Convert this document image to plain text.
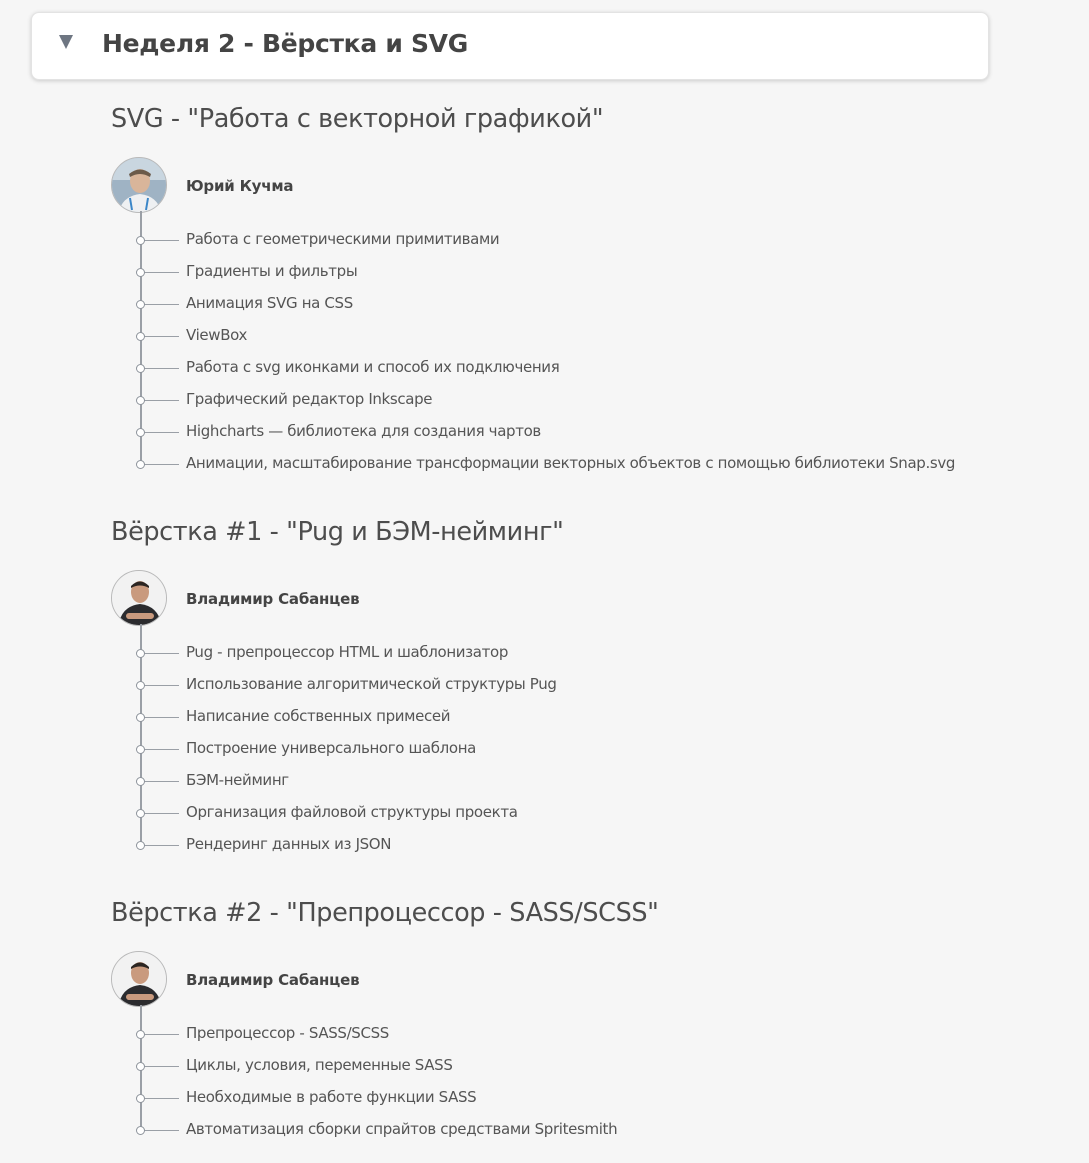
Неделя 2 - Вёрстка и SVG
SVG - "Работа с векторной графикой"
Юрий Кучма
Работа с геометрическими примитивами
Градиенты и фильтры
Анимация SVG на CSS
ViewBox
Работа с svg иконками и способ их подключения
Графический редактор Inkscape
Highcharts — библиотека для создания чартов
Анимации, масштабирование трансформации векторных объектов с помощью библиотеки Snap.svg
Вёрстка #1 - "Pug и БЭМ-нейминг"
Владимир Сабанцев
Pug - препроцессор HTML и шаблонизатор
Использование алгоритмической структуры Pug
Написание собственных примесей
Построение универсального шаблона
БЭМ-нейминг
Организация файловой структуры проекта
Рендеринг данных из JSON
Вёрстка #2 - "Препроцессор - SASS/SCSS"
Владимир Сабанцев
Препроцессор - SASS/SCSS
Циклы, условия, переменные SASS
Необходимые в работе функции SASS
Автоматизация сборки спрайтов средствами Spritesmith
